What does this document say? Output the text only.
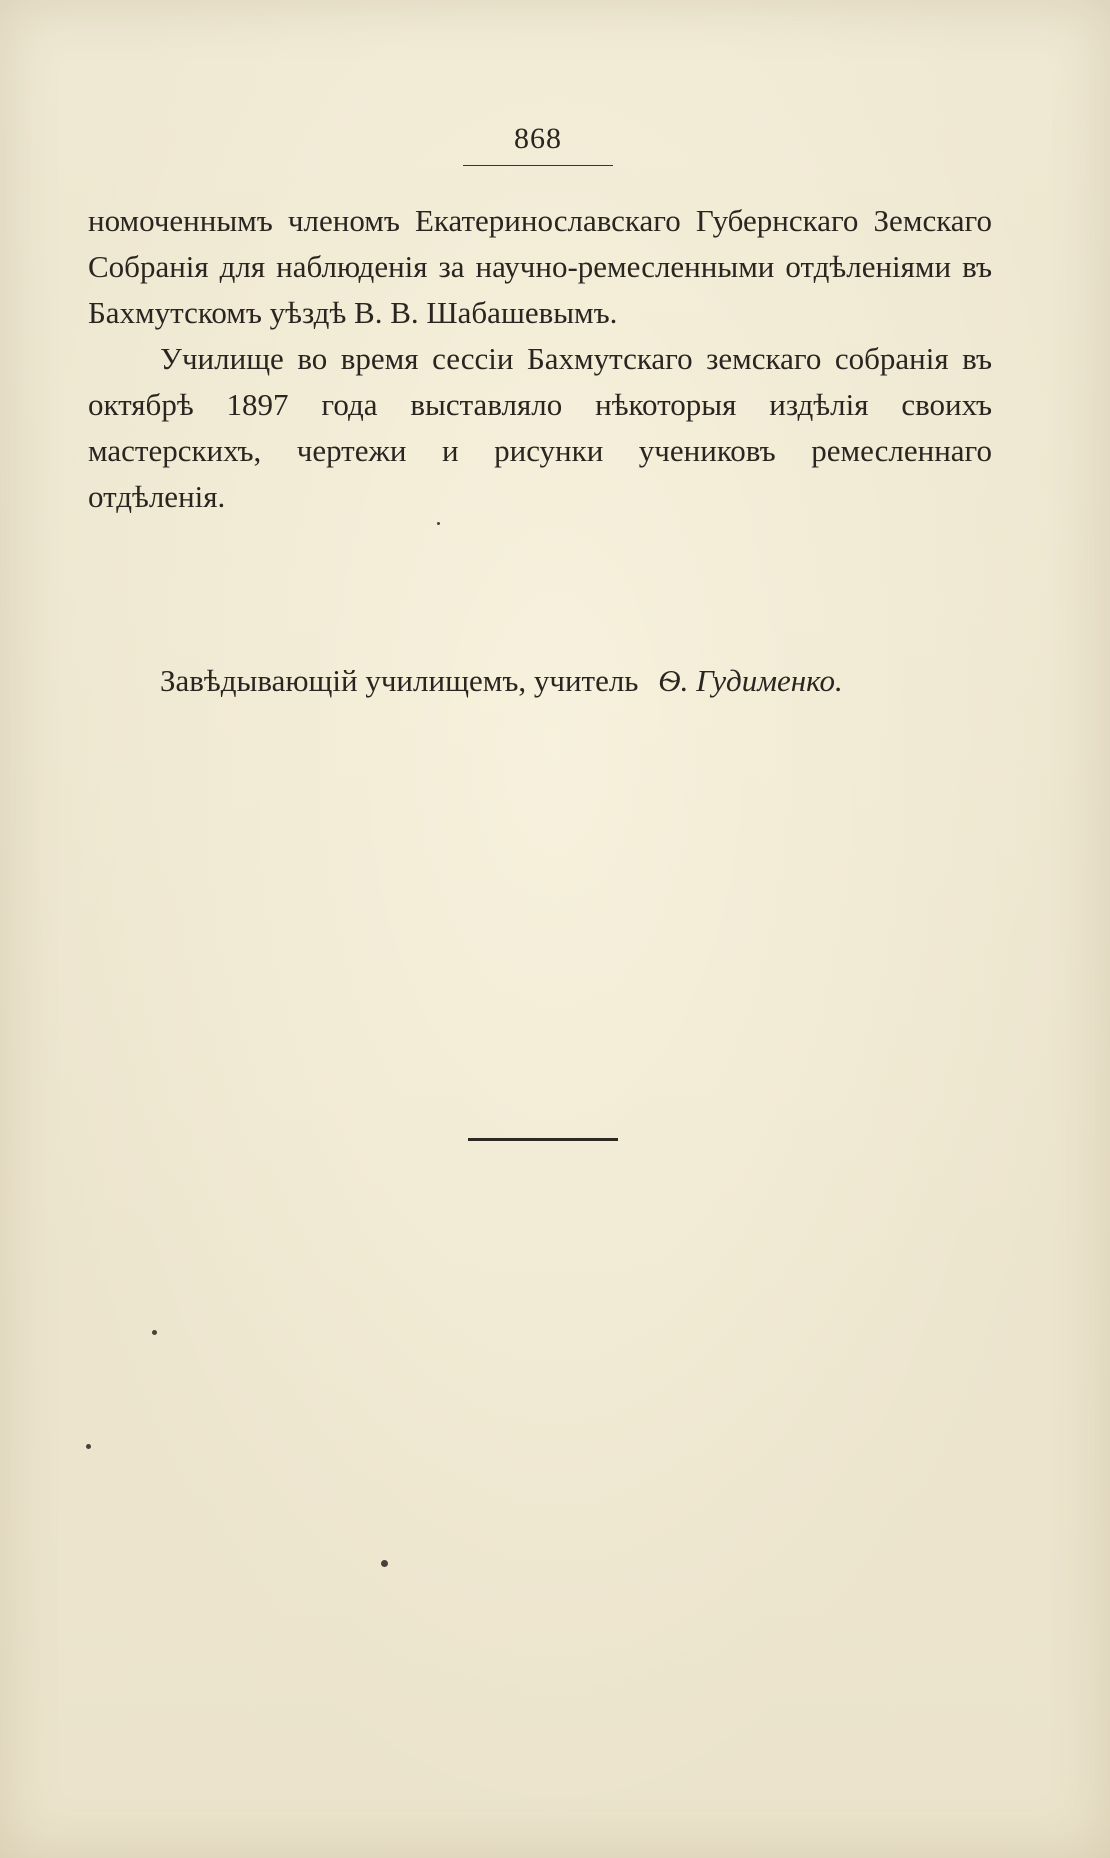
868

номоченнымъ членомъ Екатеринославскаго Губернскаго Земскаго Собранія для наблюденія за научно-ремесленными отдѣленіями въ Бахмутскомъ уѣздѣ В. В. Шабашевымъ.

Училище во время сессіи Бахмутскаго земскаго собранія въ октябрѣ 1897 года выставляло нѣкоторыя издѣлія своихъ мастерскихъ, чертежи и рисунки учениковъ ремесленнаго отдѣленія.

Завѣдывающій училищемъ, учитель Ѳ. Гудименко.
